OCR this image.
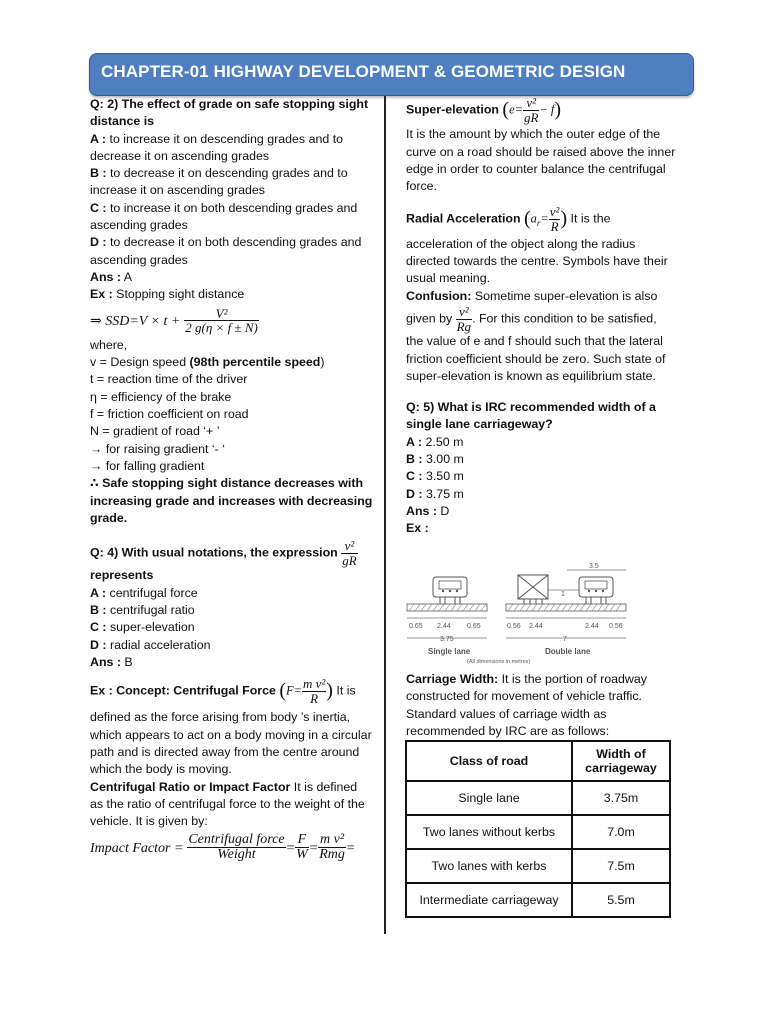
CHAPTER-01 HIGHWAY DEVELOPMENT & GEOMETRIC DESIGN

Q: 2) The effect of grade on safe stopping sight distance is

A : to increase it on descending grades and to decrease it on ascending grades

B : to decrease it on descending grades and to increase it on ascending grades

C : to increase it on both descending grades and ascending grades

D : to decrease it on both descending grades and ascending grades

Ans : A

Ex : Stopping sight distance

⇒ $SSD=V \times t + \frac{\text{V²}}{2 g(\eta \times f \pm N)}$

where,

v = Design speed (98th percentile speed)

t = reaction time of the driver

η = efficiency of the brake

f = friction coefficient on road

N = gradient of road ‘+ ’

→ for raising gradient ‘- ‘

→ for falling gradient

∴ Safe stopping sight distance decreases with increasing grade and increases with decreasing grade.

Q: 4) With usual notations, the expression $\frac{\text{v²}}{gR}$

represents

A : centrifugal force

B : centrifugal ratio

C : super-elevation

D : radial acceleration

Ans : B

Ex : Concept: Centrifugal Force ($F= \frac{\text{m v²}}{R}$ ) It is

defined as the force arising from body ’s inertia, which appears to act on a body moving in a circular path and is directed away from the centre around which the body is moving.

Centrifugal Ratio or Impact Factor It is defined as the ratio of centrifugal force to the weight of the vehicle. It is given by:

Impact Factor = $\frac{\text{Centrifugal force}}{\text{Weight}} = \frac{F}{W} = \frac{\text{m v²}}{\text{Rmg}}$ =

Super-elevation $(e= \frac{\text{v²}}{gR} - f)$

It is the amount by which the outer edge of the curve on a road should be raised above the inner edge in order to counter balance the centrifugal force.

Radial Acceleration ($a_r= \frac{\text{v²}}{R}$ ) It is the

acceleration of the object along the radius directed towards the centre. Symbols have their usual meaning.

Confusion: Sometime super-elevation is also

given by $\frac{\text{v²}}{Rg}$ . For this condition to be satisfied,

the value of e and f should such that the lateral friction coefficient should be zero. Such state of super-elevation is known as equilibrium state.

Q: 5) What is IRC recommended width of a single lane carriageway?

A : 2.50 m

B : 3.00 m

C : 3.50 m

D : 3.75 m

Ans : D

Ex :

3.5
1
0.65 2.44 0.65	0.56 2.44	2.44 0.56
3.75	7
Single lane	Double lane
(All dimensions in metres)

Carriage Width: It is the portion of roadway constructed for movement of vehicle traffic. Standard values of carriage width as recommended by IRC are as follows:

Class of road	Width of carriageway
Single lane	3.75m
Two lanes without kerbs	7.0m
Two lanes with kerbs	7.5m
Intermediate carriageway	5.5m
